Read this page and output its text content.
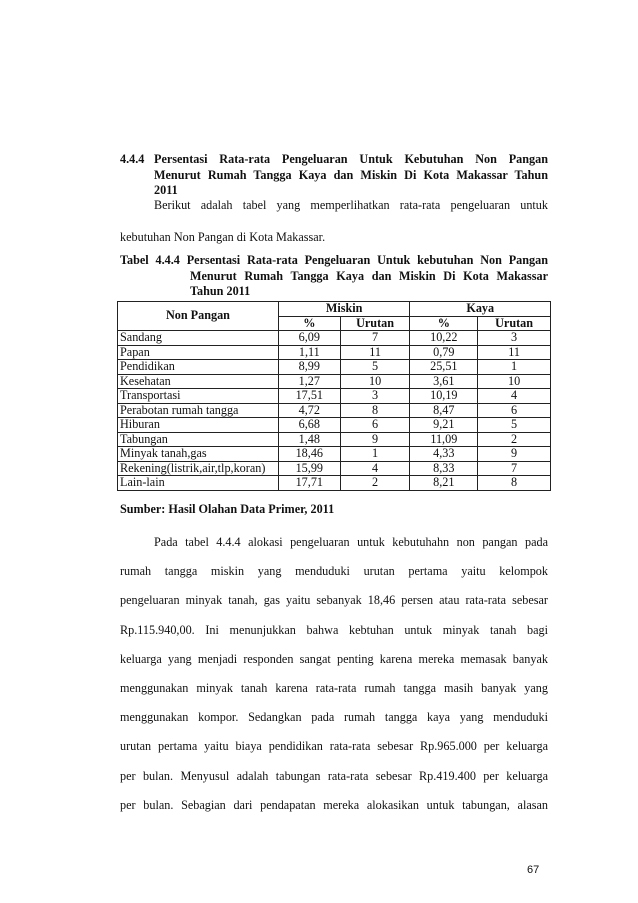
4.4.4 Persentasi Rata-rata Pengeluaran Untuk Kebutuhan Non Pangan
Menurut Rumah Tangga Kaya dan Miskin Di Kota Makassar Tahun
2011
Berikut adalah tabel yang memperlihatkan rata-rata pengeluaran untuk
kebutuhan Non Pangan di Kota Makassar.
Tabel 4.4.4 Persentasi Rata-rata Pengeluaran Untuk kebutuhan Non Pangan
Menurut Rumah Tangga Kaya dan Miskin Di Kota Makassar
Tahun 2011
Non Pangan	Miskin		Kaya	
	%	Urutan	%	Urutan
Sandang	6,09	7	10,22	3
Papan	1,11	11	0,79	11
Pendidikan	8,99	5	25,51	1
Kesehatan	1,27	10	3,61	10
Transportasi	17,51	3	10,19	4
Perabotan rumah tangga	4,72	8	8,47	6
Hiburan	6,68	6	9,21	5
Tabungan	1,48	9	11,09	2
Minyak tanah,gas	18,46	1	4,33	9
Rekening(listrik,air,tlp,koran)	15,99	4	8,33	7
Lain-lain	17,71	2	8,21	8
Sumber: Hasil Olahan Data Primer, 2011
Pada tabel 4.4.4 alokasi pengeluaran untuk kebutuhahn non pangan pada
rumah tangga miskin yang menduduki urutan pertama yaitu kelompok
pengeluaran minyak tanah, gas yaitu sebanyak 18,46 persen atau rata-rata sebesar
Rp.115.940,00. Ini menunjukkan bahwa kebtuhan untuk minyak tanah bagi
keluarga yang menjadi responden sangat penting karena mereka memasak banyak
menggunakan minyak tanah karena rata-rata rumah tangga masih banyak yang
menggunakan kompor. Sedangkan pada rumah tangga kaya yang menduduki
urutan pertama yaitu biaya pendidikan rata-rata sebesar Rp.965.000 per keluarga
per bulan. Menyusul adalah tabungan rata-rata sebesar Rp.419.400 per keluarga
per bulan. Sebagian dari pendapatan mereka alokasikan untuk tabungan, alasan
67
